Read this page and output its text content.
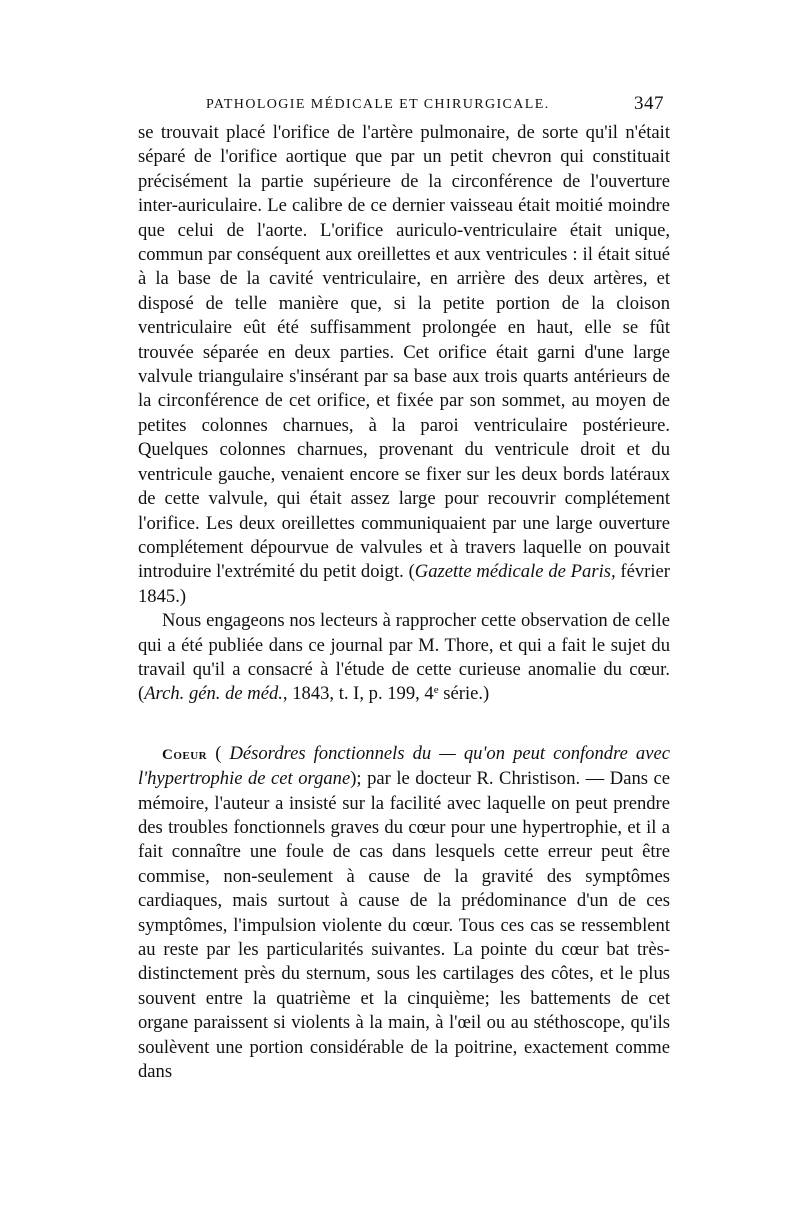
PATHOLOGIE MÉDICALE ET CHIRURGICALE.	347

se trouvait placé l'orifice de l'artère pulmonaire, de sorte qu'il n'était séparé de l'orifice aortique que par un petit chevron qui constituait précisément la partie supérieure de la circonférence de l'ouverture inter-auriculaire. Le calibre de ce dernier vaisseau était moitié moindre que celui de l'aorte. L'orifice auriculo-ventriculaire était unique, commun par conséquent aux oreillettes et aux ventricules : il était situé à la base de la cavité ventriculaire, en arrière des deux artères, et disposé de telle manière que, si la petite portion de la cloison ventriculaire eût été suffisamment prolongée en haut, elle se fût trouvée séparée en deux parties. Cet orifice était garni d'une large valvule triangulaire s'insérant par sa base aux trois quarts antérieurs de la circonférence de cet orifice, et fixée par son sommet, au moyen de petites colonnes charnues, à la paroi ventriculaire postérieure. Quelques colonnes charnues, provenant du ventricule droit et du ventricule gauche, venaient encore se fixer sur les deux bords latéraux de cette valvule, qui était assez large pour recouvrir complétement l'orifice. Les deux oreillettes communiquaient par une large ouverture complétement dépourvue de valvules et à travers laquelle on pouvait introduire l'extrémité du petit doigt. (Gazette médicale de Paris, février 1845.)

Nous engageons nos lecteurs à rapprocher cette observation de celle qui a été publiée dans ce journal par M. Thore, et qui a fait le sujet du travail qu'il a consacré à l'étude de cette curieuse anomalie du cœur. (Arch. gén. de méd., 1843, t. I, p. 199, 4e série.)

Coeur ( Désordres fonctionnels du — qu'on peut confondre avec l'hypertrophie de cet organe); par le docteur R. Christison. — Dans ce mémoire, l'auteur a insisté sur la facilité avec laquelle on peut prendre des troubles fonctionnels graves du cœur pour une hypertrophie, et il a fait connaître une foule de cas dans lesquels cette erreur peut être commise, non-seulement à cause de la gravité des symptômes cardiaques, mais surtout à cause de la prédominance d'un de ces symptômes, l'impulsion violente du cœur. Tous ces cas se ressemblent au reste par les particularités suivantes. La pointe du cœur bat très-distinctement près du sternum, sous les cartilages des côtes, et le plus souvent entre la quatrième et la cinquième; les battements de cet organe paraissent si violents à la main, à l'œil ou au stéthoscope, qu'ils soulèvent une portion considérable de la poitrine, exactement comme dans
